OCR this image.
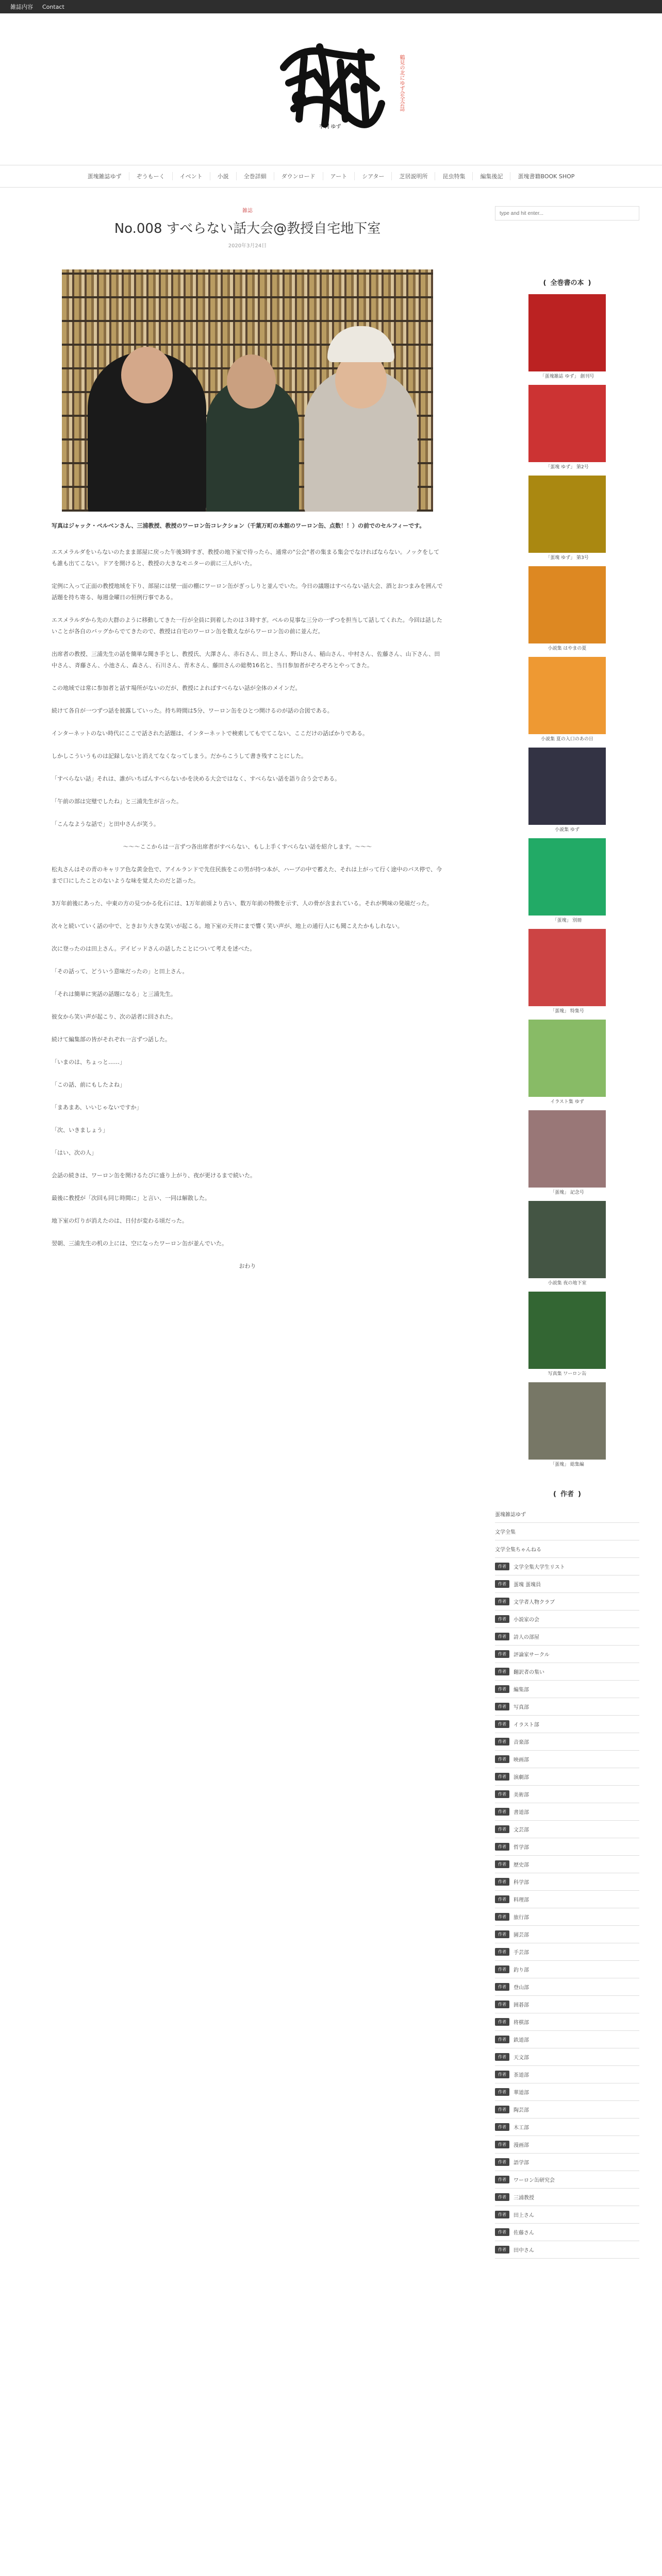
雑誌内容 Contact
季刊 ゆず
鶴見の北にゆず会全会誌
蛋塊雑誌ゆず	ぞうもーく	イベント	小説	全巻詳細	ダウンロード	アート	シアター	芝居説明所	昆虫特集	編集後記	蛋塊書籍BOOK SHOP
雑誌
No.008 すべらない話大会@教授自宅地下室
2020年3月24日

写真はジャック・ベルベンさん、三浦教授、教授のワーロン缶コレクション（千葉万町の本館のワーロン缶、点数！！）の前でのセルフィーです。

エスメラルダをいらないのたまま部屋に戻った午後3時すぎ、教授の地下室で待ったら、通常の"公会"者の集まる集会でなければならない。ノックをしても誰も出てこない。ドアを開けると、教授の大きなモニターの前に三人がいた。

定例に入って正面の教授地域を下り、部屋には壁一面の棚にワーロン缶がぎっしりと並んでいた。今日の議題はすべらない話大会、酒とおつまみを囲んで話題を持ち寄る、毎週金曜日の恒例行事である。

エスメラルダから先の大群のように移動してきた一行が全員に到着したのは３時すぎ。ベルの見事な三分の一ずつを担当して話してくれた。今回は話したいことが各自のバッグからでてきたので、教授は自宅のワーロン缶を数えながらワーロン缶の前に並んだ。

出席者の教授、三浦先生の話を簡単な聞き手とし、教授氏、大澤さん、赤石さん、田上さん、野山さん、稲山さん、中村さん、佐藤さん、山下さん、田中さん、斉藤さん、小池さん、森さん、石川さん、青木さん、藤田さんの総勢16名と、当日参加者がぞろぞろとやってきた。

この地域では常に参加者と話す場所がないのだが、教授によればすべらない話が全体のメインだ。

続けて各自が一つずつ話を披露していった。持ち時間は5分、ワーロン缶をひとつ開けるのが話の合図である。

インターネットのない時代にここで話された話題は、インターネットで検索してもでてこない、ここだけの話ばかりである。

しかしこういうものは記録しないと消えてなくなってしまう。だからこうして書き残すことにした。

「すべらない話」それは、誰がいちばんすべらないかを決める大会ではなく、すべらない話を語り合う会である。

「午前の部は完璧でしたね」と三浦先生が言った。

「こんなような話で」と田中さんが笑う。

〜〜〜ここからは一言ずつ各出席者がすべらない、もし上手くすべらない話を紹介します。〜〜〜

松丸さんはその青のキャリア色な黄金色で、アイルランドで先住民族をこの男が持つ本が、ハーブの中で蓄えた、それは上がって行く途中のバス停で、今まで口にしたことのないような味を覚えたのだと語った。

3万年前後にあった、中東の方の見つかる化石には、1万年前頃より古い、数万年前の特徴を示す、人の骨が含まれている。それが興味の発端だった。

次々と続いていく話の中で、ときおり大きな笑いが起こる。地下室の天井にまで響く笑い声が、地上の通行人にも聞こえたかもしれない。

次に登ったのは田上さん。デイビッドさんの話したことについて考えを述べた。

「その話って、どういう意味だったの」と田上さん。

「それは簡単に実話の話題になる」と三浦先生。

彼女から笑い声が起こり、次の話者に回された。

続けて編集部の皆がそれぞれ一言ずつ話した。

「いまのは、ちょっと……」

「この話、前にもしたよね」

「まあまあ、いいじゃないですか」

「次、いきましょう」

「はい、次の人」

会話の続きは、ワーロン缶を開けるたびに盛り上がり、夜が更けるまで続いた。

最後に教授が「次回も同じ時間に」と言い、一同は解散した。

地下室の灯りが消えたのは、日付が変わる頃だった。

翌朝、三浦先生の机の上には、空になったワーロン缶が並んでいた。

おわり

type and hit enter...
( 全巻書の本 )
「蛋塊雑誌 ゆず」 創刊号
「蛋塊 ゆず」 第2号
「蛋塊 ゆず」 第3号
小説集 はやまの夏
小説集 夏の入口のあの日
小説集 ゆず
「蛋塊」 別冊
「蛋塊」 特集号
イラスト集 ゆず
「蛋塊」 記念号
小説集 夜の地下室
写真集 ワーロン缶
「蛋塊」 総集編
( 作者 )
蛋塊雑誌ゆず
文学全集
文学全集ちゃんねる
作者	文学全集大学生リスト
作者	蛋塊 蛋塊員
作者	文学者人物クラブ
作者	小説家の会
作者	詩人の部屋
作者	評論家サークル
作者	翻訳者の集い
作者	編集部
作者	写真部
作者	イラスト部
作者	音楽部
作者	映画部
作者	演劇部
作者	美術部
作者	書道部
作者	文芸部
作者	哲学部
作者	歴史部
作者	科学部
作者	料理部
作者	旅行部
作者	園芸部
作者	手芸部
作者	釣り部
作者	登山部
作者	囲碁部
作者	将棋部
作者	鉄道部
作者	天文部
作者	茶道部
作者	華道部
作者	陶芸部
作者	木工部
作者	漫画部
作者	語学部
作者	ワーロン缶研究会
作者	三浦教授
作者	田上さん
作者	佐藤さん
作者	田中さん
